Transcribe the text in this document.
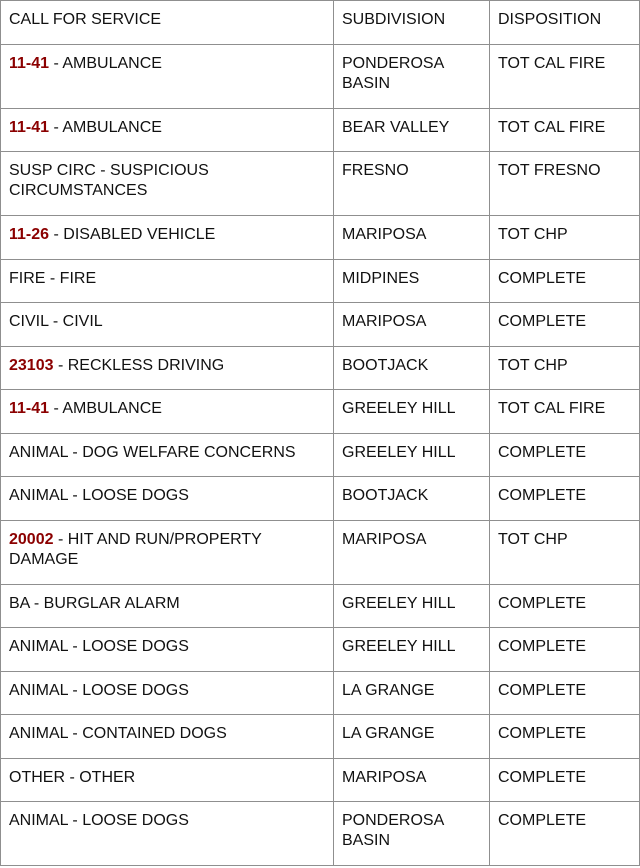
CALL FOR SERVICE	SUBDIVISION	DISPOSITION
11-41 - AMBULANCE	PONDEROSA BASIN	TOT CAL FIRE
11-41 - AMBULANCE	BEAR VALLEY	TOT CAL FIRE
SUSP CIRC - SUSPICIOUS CIRCUMSTANCES	FRESNO	TOT FRESNO
11-26 - DISABLED VEHICLE	MARIPOSA	TOT CHP
FIRE - FIRE	MIDPINES	COMPLETE
CIVIL - CIVIL	MARIPOSA	COMPLETE
23103 - RECKLESS DRIVING	BOOTJACK	TOT CHP
11-41 - AMBULANCE	GREELEY HILL	TOT CAL FIRE
ANIMAL - DOG WELFARE CONCERNS	GREELEY HILL	COMPLETE
ANIMAL - LOOSE DOGS	BOOTJACK	COMPLETE
20002 - HIT AND RUN/PROPERTY DAMAGE	MARIPOSA	TOT CHP
BA - BURGLAR ALARM	GREELEY HILL	COMPLETE
ANIMAL - LOOSE DOGS	GREELEY HILL	COMPLETE
ANIMAL - LOOSE DOGS	LA GRANGE	COMPLETE
ANIMAL - CONTAINED DOGS	LA GRANGE	COMPLETE
OTHER - OTHER	MARIPOSA	COMPLETE
ANIMAL - LOOSE DOGS	PONDEROSA BASIN	COMPLETE
